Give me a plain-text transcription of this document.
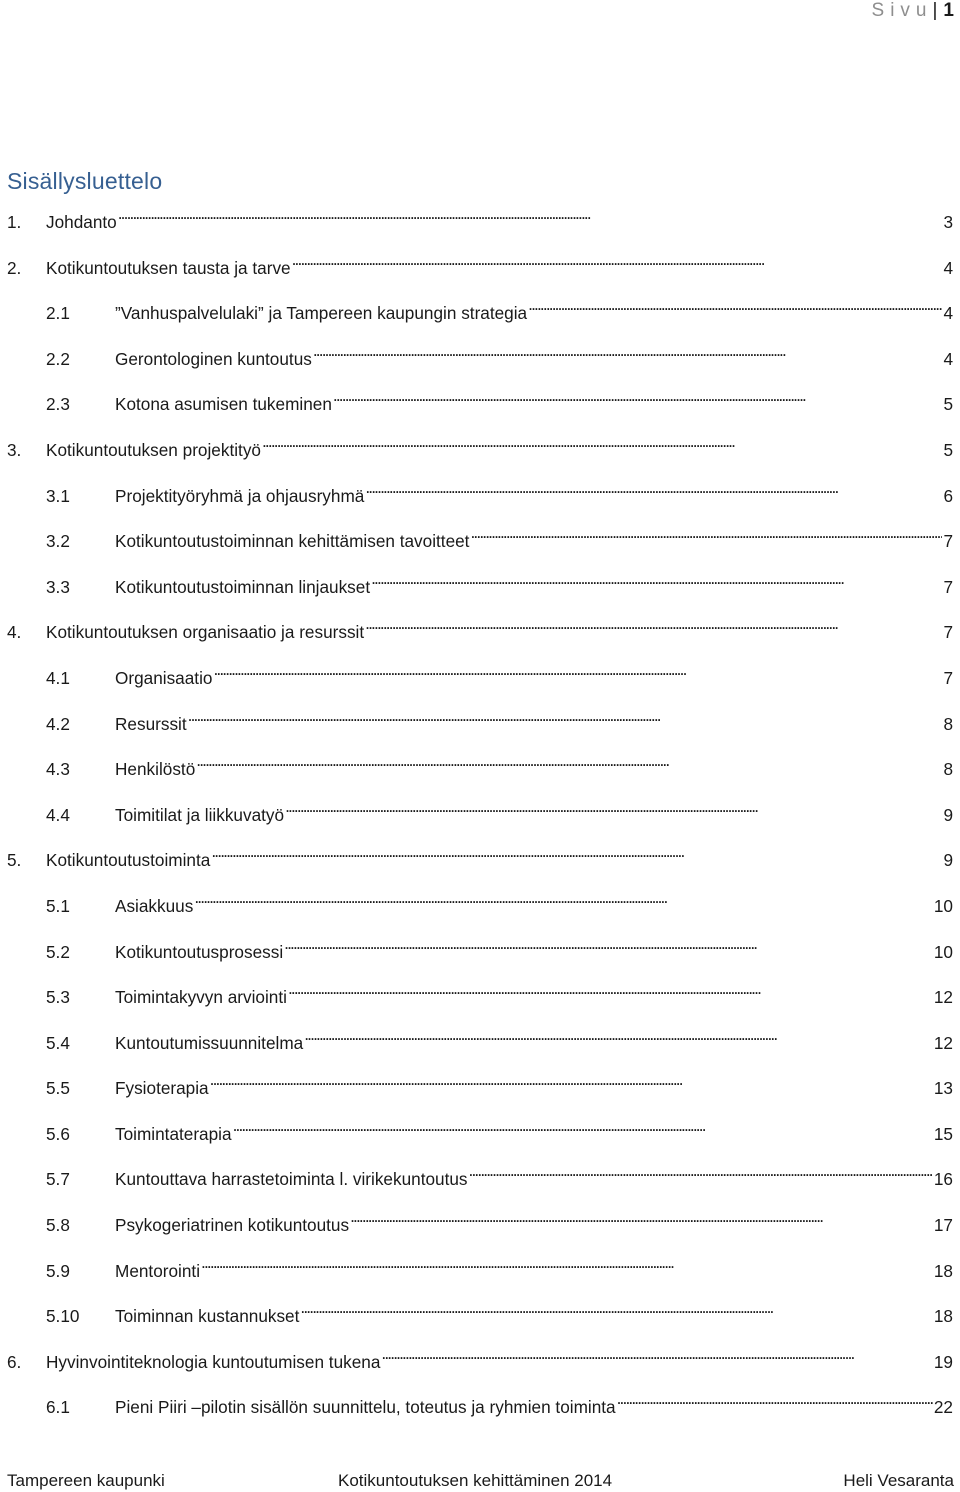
Sivu| 1
Sisällysluettelo
1.	Johdanto . . .	3
2.	Kotikuntoutuksen tausta ja tarve . . .	4
2.1	”Vanhuspalvelulaki” ja Tampereen kaupungin strategia . . .	4
2.2	Gerontologinen kuntoutus . . .	4
2.3	Kotona asumisen tukeminen . . .	5
3.	Kotikuntoutuksen projektityö . . .	5
3.1	Projektityöryhmä ja ohjausryhmä . . .	6
3.2	Kotikuntoutustoiminnan kehittämisen tavoitteet . . .	7
3.3	Kotikuntoutustoiminnan linjaukset . . .	7
4.	Kotikuntoutuksen organisaatio ja resurssit . . .	7
4.1	Organisaatio . . .	7
4.2	Resurssit . . .	8
4.3	Henkilöstö . . .	8
4.4	Toimitilat ja liikkuvatyö . . .	9
5.	Kotikuntoutustoiminta . . .	9
5.1	Asiakkuus . . .	10
5.2	Kotikuntoutusprosessi . . .	10
5.3	Toimintakyvyn arviointi . . .	12
5.4	Kuntoutumissuunnitelma . . .	12
5.5	Fysioterapia . . .	13
5.6	Toimintaterapia . . .	15
5.7	Kuntouttava harrastetoiminta l. virikekuntoutus . . .	16
5.8	Psykogeriatrinen kotikuntoutus . . .	17
5.9	Mentorointi . . .	18
5.10	Toiminnan kustannukset . . .	18
6.	Hyvinvointiteknologia kuntoutumisen tukena . . .	19
6.1	Pieni Piiri –pilotin sisällön suunnittelu, toteutus ja ryhmien toiminta . . .	22
Tampereen kaupunki	Kotikuntoutuksen kehittäminen 2014	Heli Vesaranta
